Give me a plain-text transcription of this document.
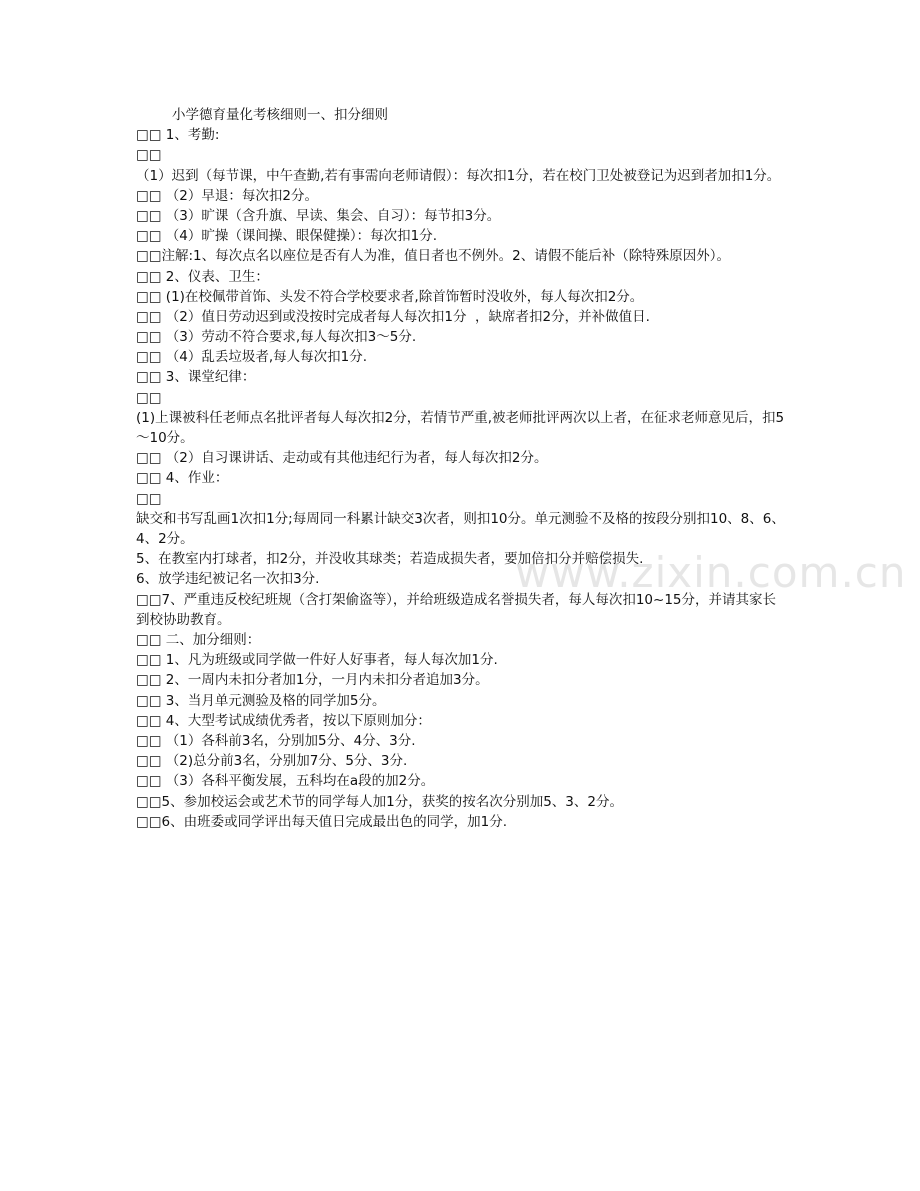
www.zixin.com.cn
小学德育量化考核细则一、扣分细则
□□ 1、考勤:
□□
（1）迟到（每节课，中午查勤,若有事需向老师请假）：每次扣1分，若在校门卫处被登记为迟到者加扣1分。
□□ （2）早退：每次扣2分。
□□ （3）旷课（含升旗、早读、集会、自习）：每节扣3分。
□□ （4）旷操（课间操、眼保健操）：每次扣1分.
□□注解:1、每次点名以座位是否有人为准，值日者也不例外。2、请假不能后补（除特殊原因外）。
□□ 2、仪表、卫生：
□□ (1)在校佩带首饰、头发不符合学校要求者,除首饰暂时没收外，每人每次扣2分。
□□ （2）值日劳动迟到或没按时完成者每人每次扣1分  ，缺席者扣2分，并补做值日.
□□ （3）劳动不符合要求,每人每次扣3～5分.
□□ （4）乱丢垃圾者,每人每次扣1分.
□□ 3、课堂纪律：
□□
(1)上课被科任老师点名批评者每人每次扣2分，若情节严重,被老师批评两次以上者，在征求老师意见后，扣5～10分。
□□ （2）自习课讲话、走动或有其他违纪行为者，每人每次扣2分。
□□ 4、作业：
□□
缺交和书写乱画1次扣1分;每周同一科累计缺交3次者，则扣10分。单元测验不及格的按段分别扣10、8、6、4、2分。
5、在教室内打球者，扣2分，并没收其球类；若造成损失者，要加倍扣分并赔偿损失.
6、放学违纪被记名一次扣3分.
□□7、严重违反校纪班规（含打架偷盗等），并给班级造成名誉损失者，每人每次扣10~15分，并请其家长到校协助教育。
□□ 二、加分细则：
□□ 1、凡为班级或同学做一件好人好事者，每人每次加1分.
□□ 2、一周内未扣分者加1分，一月内未扣分者追加3分。
□□ 3、当月单元测验及格的同学加5分。
□□ 4、大型考试成绩优秀者，按以下原则加分：
□□ （1）各科前3名，分别加5分、4分、3分.
□□ （2)总分前3名，分别加7分、5分、3分.
□□ （3）各科平衡发展，五科均在a段的加2分。
□□5、参加校运会或艺术节的同学每人加1分，获奖的按名次分别加5、3、2分。
□□6、由班委或同学评出每天值日完成最出色的同学，加1分.
